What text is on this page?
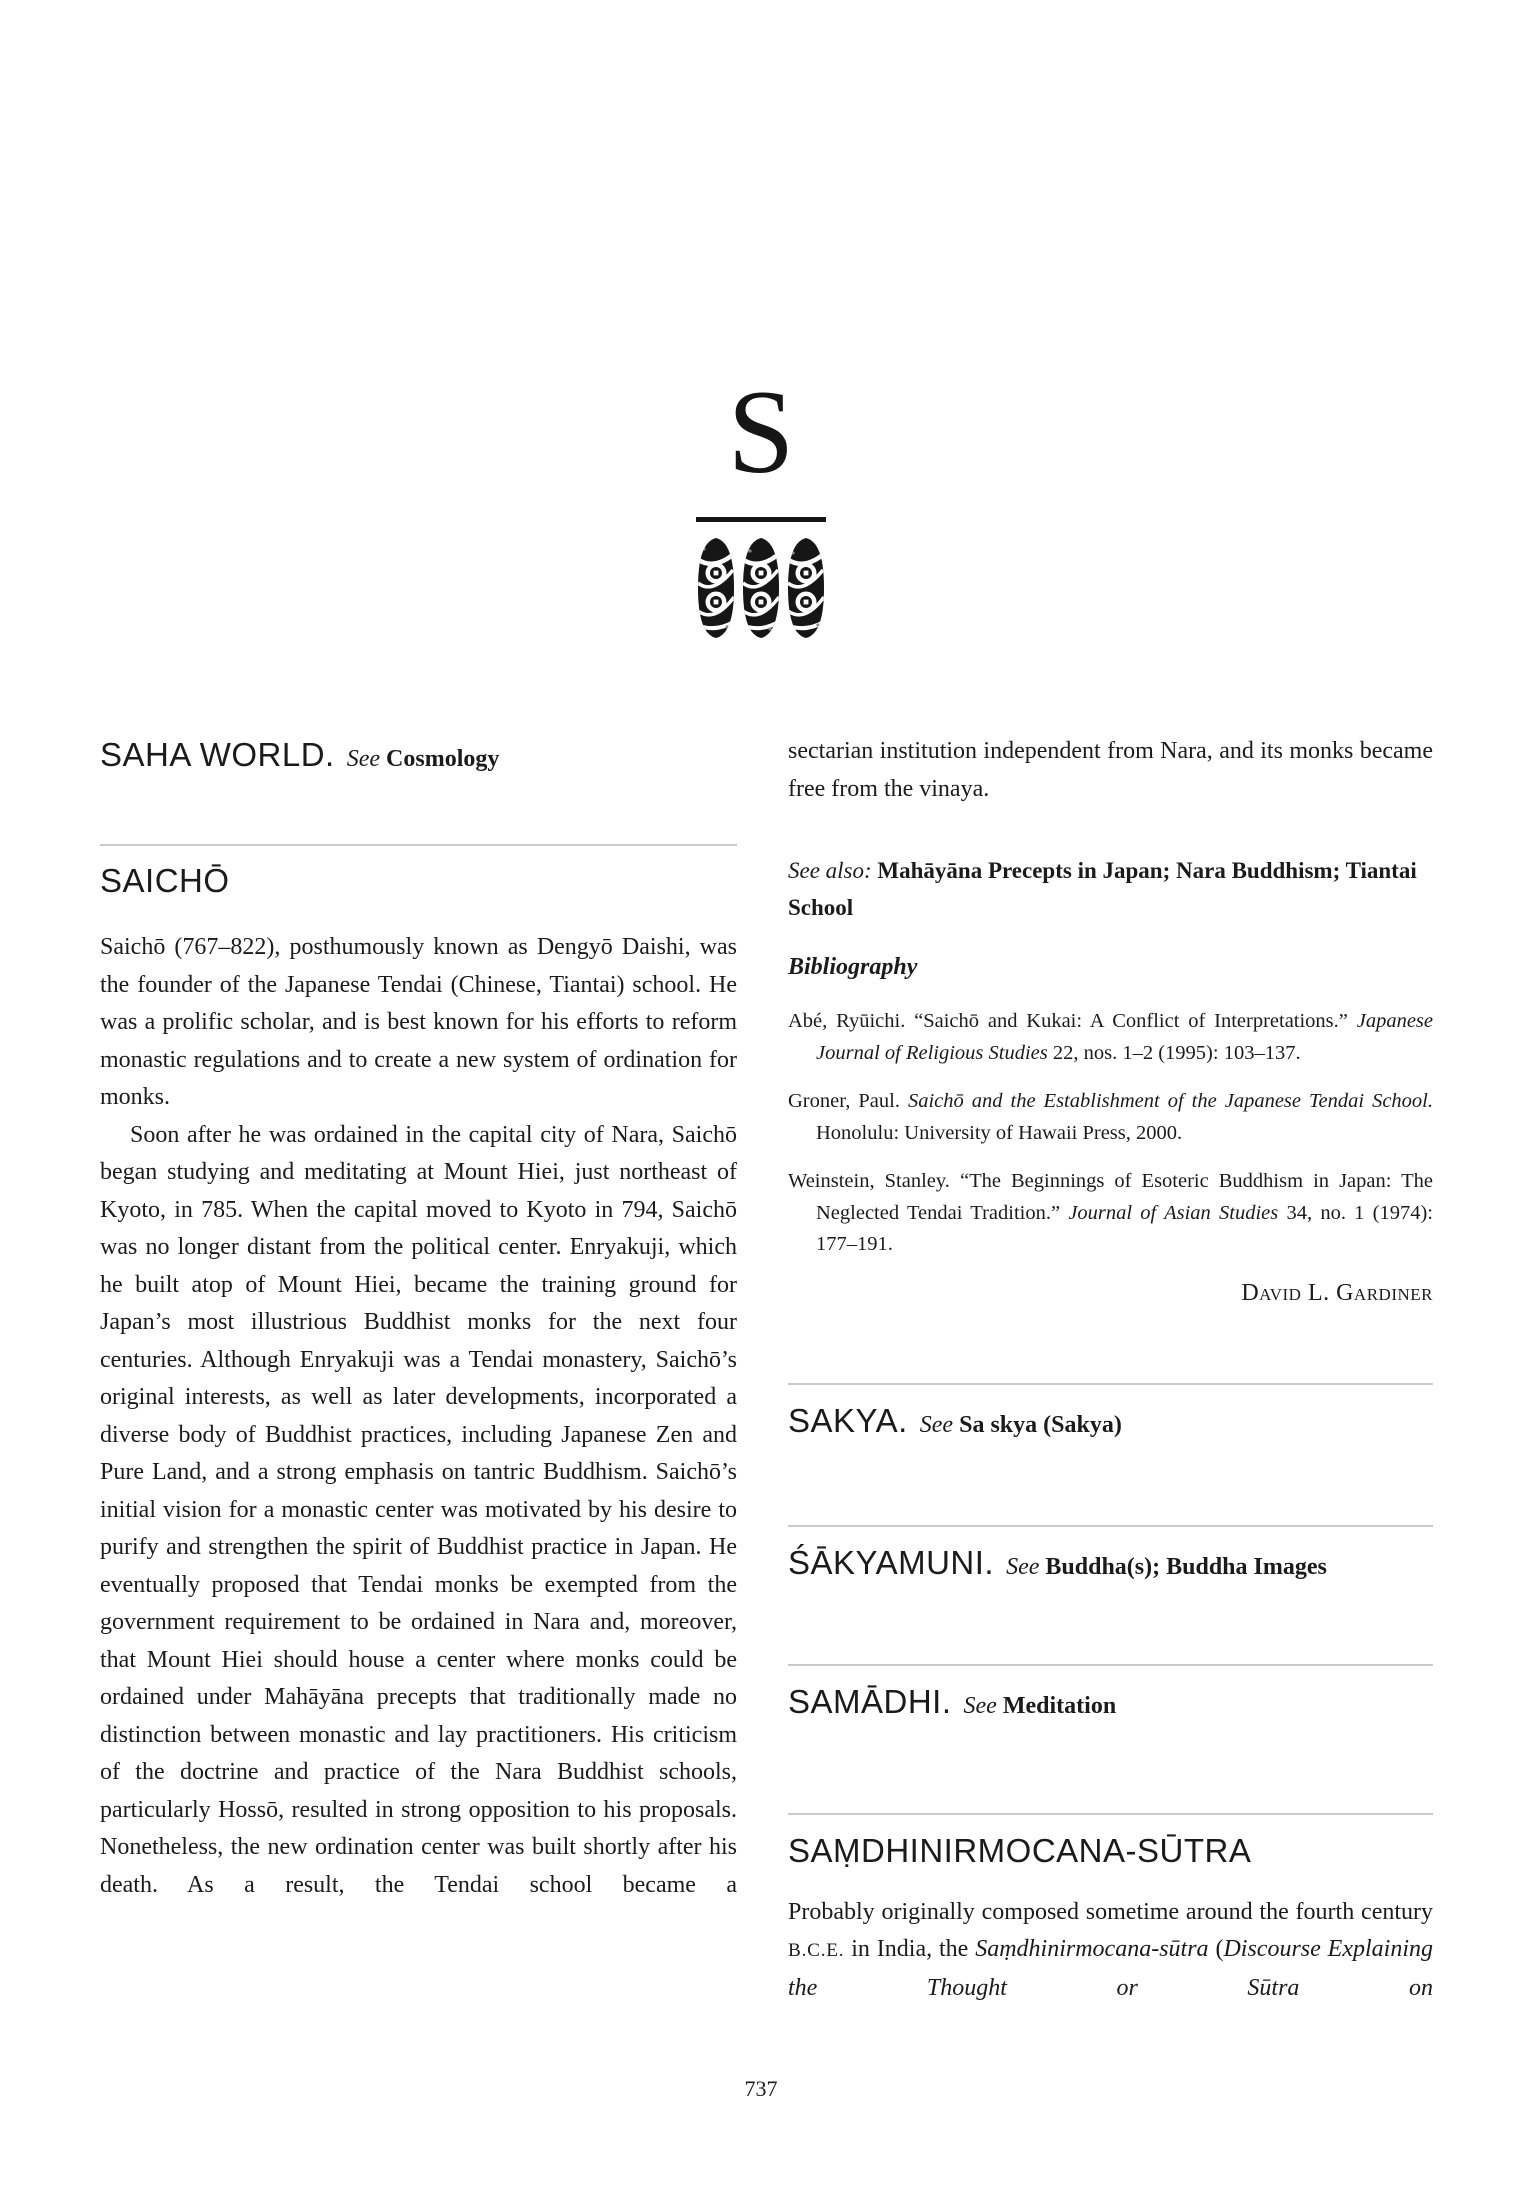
S
SAHA WORLD. See Cosmology
SAICHŌ

Saichō (767–822), posthumously known as Dengyō Daishi, was the founder of the Japanese Tendai (Chinese, Tiantai) school. He was a prolific scholar, and is best known for his efforts to reform monastic regulations and to create a new system of ordination for monks.

Soon after he was ordained in the capital city of Nara, Saichō began studying and meditating at Mount Hiei, just northeast of Kyoto, in 785. When the capital moved to Kyoto in 794, Saichō was no longer distant from the political center. Enryakuji, which he built atop of Mount Hiei, became the training ground for Japan’s most illustrious Buddhist monks for the next four centuries. Although Enryakuji was a Tendai monastery, Saichō’s original interests, as well as later developments, incorporated a diverse body of Buddhist practices, including Japanese Zen and Pure Land, and a strong emphasis on tantric Buddhism. Saichō’s initial vision for a monastic center was motivated by his desire to purify and strengthen the spirit of Buddhist practice in Japan. He eventually proposed that Tendai monks be exempted from the government requirement to be ordained in Nara and, moreover, that Mount Hiei should house a center where monks could be ordained under Mahāyāna precepts that traditionally made no distinction between monastic and lay practitioners. His criticism of the doctrine and practice of the Nara Buddhist schools, particularly Hossō, resulted in strong opposition to his proposals. Nonetheless, the new ordination center was built shortly after his death. As a result, the Tendai school became a

sectarian institution independent from Nara, and its monks became free from the vinaya.

See also: Mahāyāna Precepts in Japan; Nara Buddhism; Tiantai School

Bibliography

Abé, Ryūichi. “Saichō and Kukai: A Conflict of Interpretations.” Japanese Journal of Religious Studies 22, nos. 1–2 (1995): 103–137.

Groner, Paul. Saichō and the Establishment of the Japanese Tendai School. Honolulu: University of Hawaii Press, 2000.

Weinstein, Stanley. “The Beginnings of Esoteric Buddhism in Japan: The Neglected Tendai Tradition.” Journal of Asian Studies 34, no. 1 (1974): 177–191.

David L. Gardiner

SAKYA. See Sa skya (Sakya)
ŚĀKYAMUNI. See Buddha(s); Buddha Images
SAMĀDHI. See Meditation
SAṂDHINIRMOCANA-SŪTRA

Probably originally composed sometime around the fourth century B.C.E. in India, the Saṃdhinirmocana-sūtra (Discourse Explaining the Thought or Sūtra on

737
